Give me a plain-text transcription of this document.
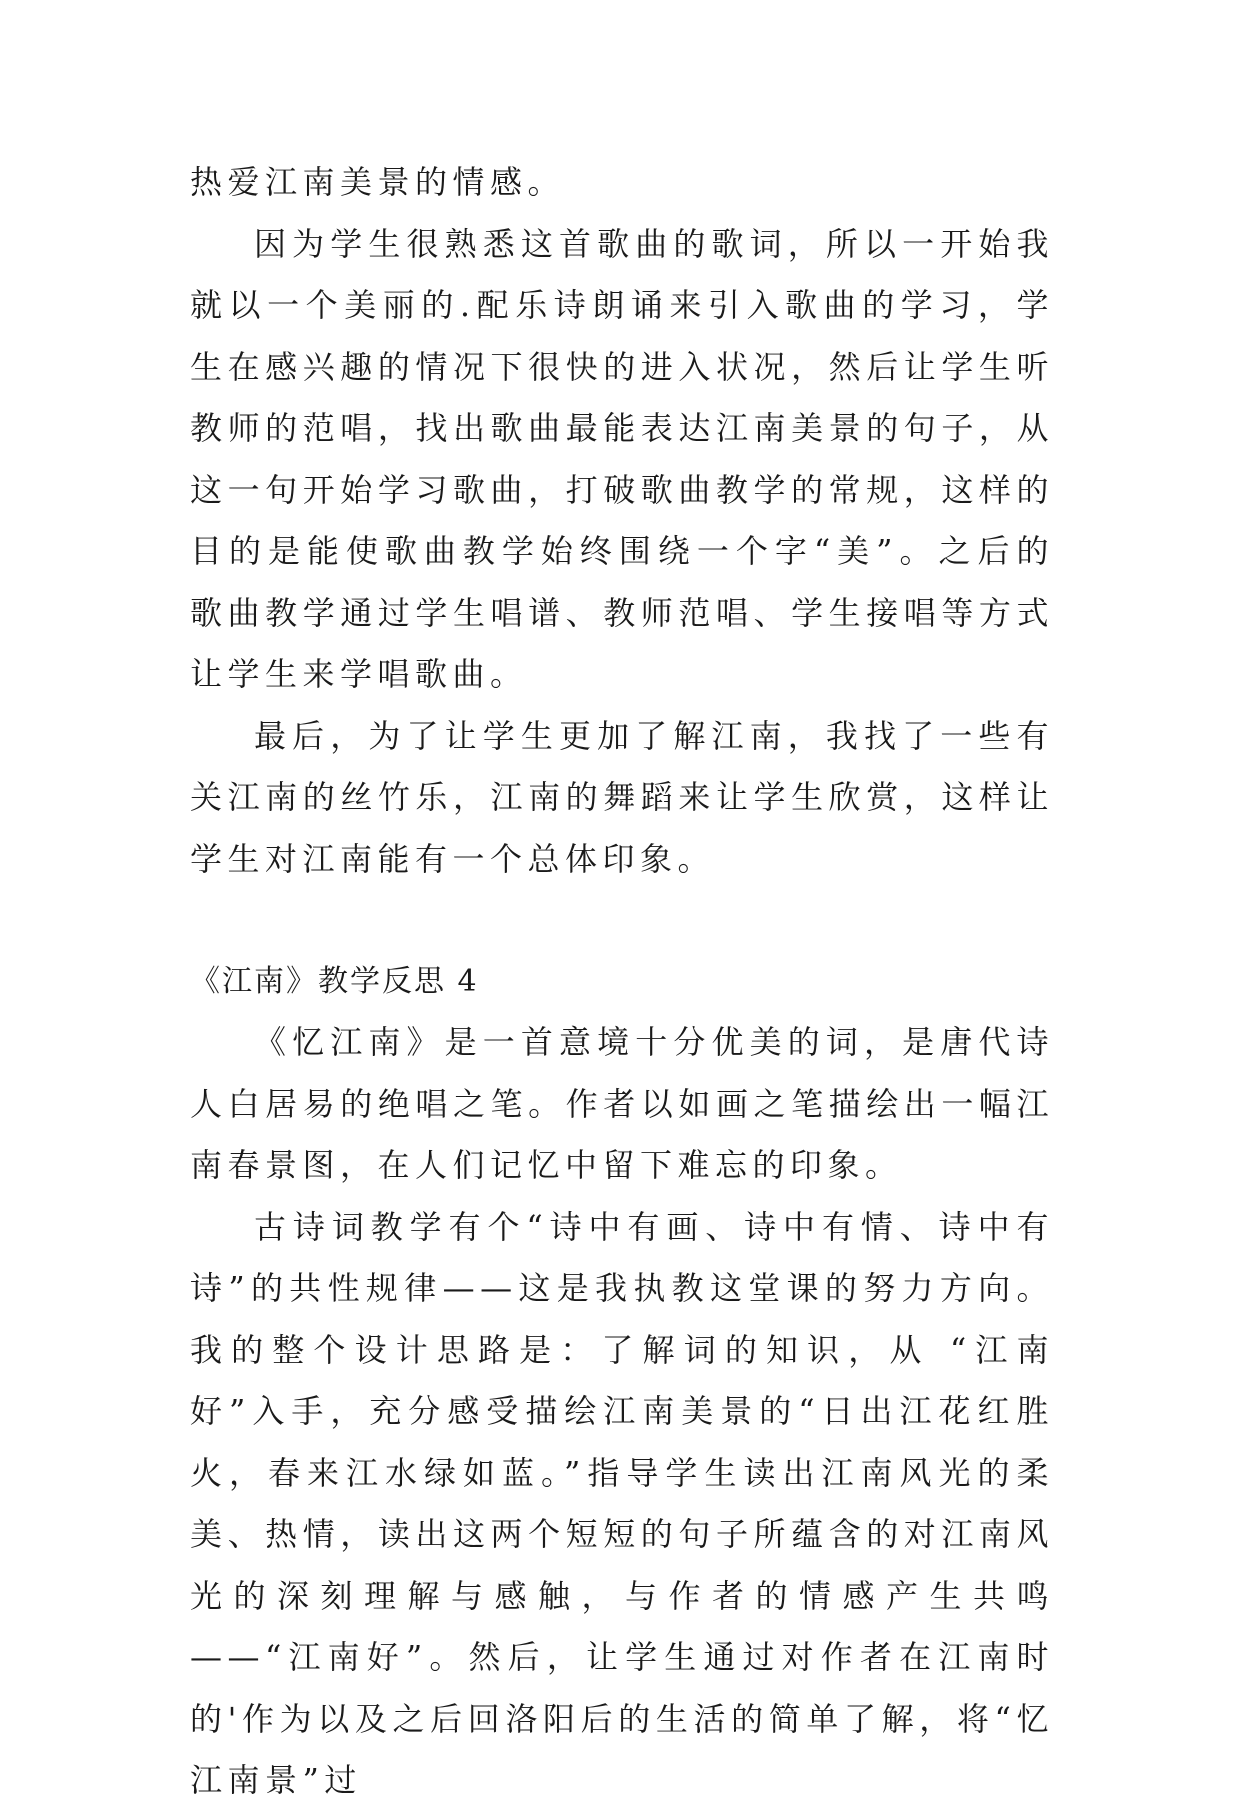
热爱江南美景的情感。

因为学生很熟悉这首歌曲的歌词，所以一开始我就以一个美丽的.配乐诗朗诵来引入歌曲的学习，学生在感兴趣的情况下很快的进入状况，然后让学生听教师的范唱，找出歌曲最能表达江南美景的句子，从这一句开始学习歌曲，打破歌曲教学的常规，这样的目的是能使歌曲教学始终围绕一个字“美”。之后的歌曲教学通过学生唱谱、教师范唱、学生接唱等方式让学生来学唱歌曲。

最后，为了让学生更加了解江南，我找了一些有关江南的丝竹乐，江南的舞蹈来让学生欣赏，这样让学生对江南能有一个总体印象。

《江南》教学反思 4

《忆江南》是一首意境十分优美的词，是唐代诗人白居易的绝唱之笔。作者以如画之笔描绘出一幅江南春景图，在人们记忆中留下难忘的印象。

古诗词教学有个“诗中有画、诗中有情、诗中有诗”的共性规律——这是我执教这堂课的努力方向。我的整个设计思路是：了解词的知识，从 “江南好”入手，充分感受描绘江南美景的“日出江花红胜火，春来江水绿如蓝。”指导学生读出江南风光的柔美、热情，读出这两个短短的句子所蕴含的对江南风光的深刻理解与感触，与作者的情感产生共鸣——“江南好”。然后，让学生通过对作者在江南时的'作为以及之后回洛阳后的生活的简单了解，将“忆江南景”过
